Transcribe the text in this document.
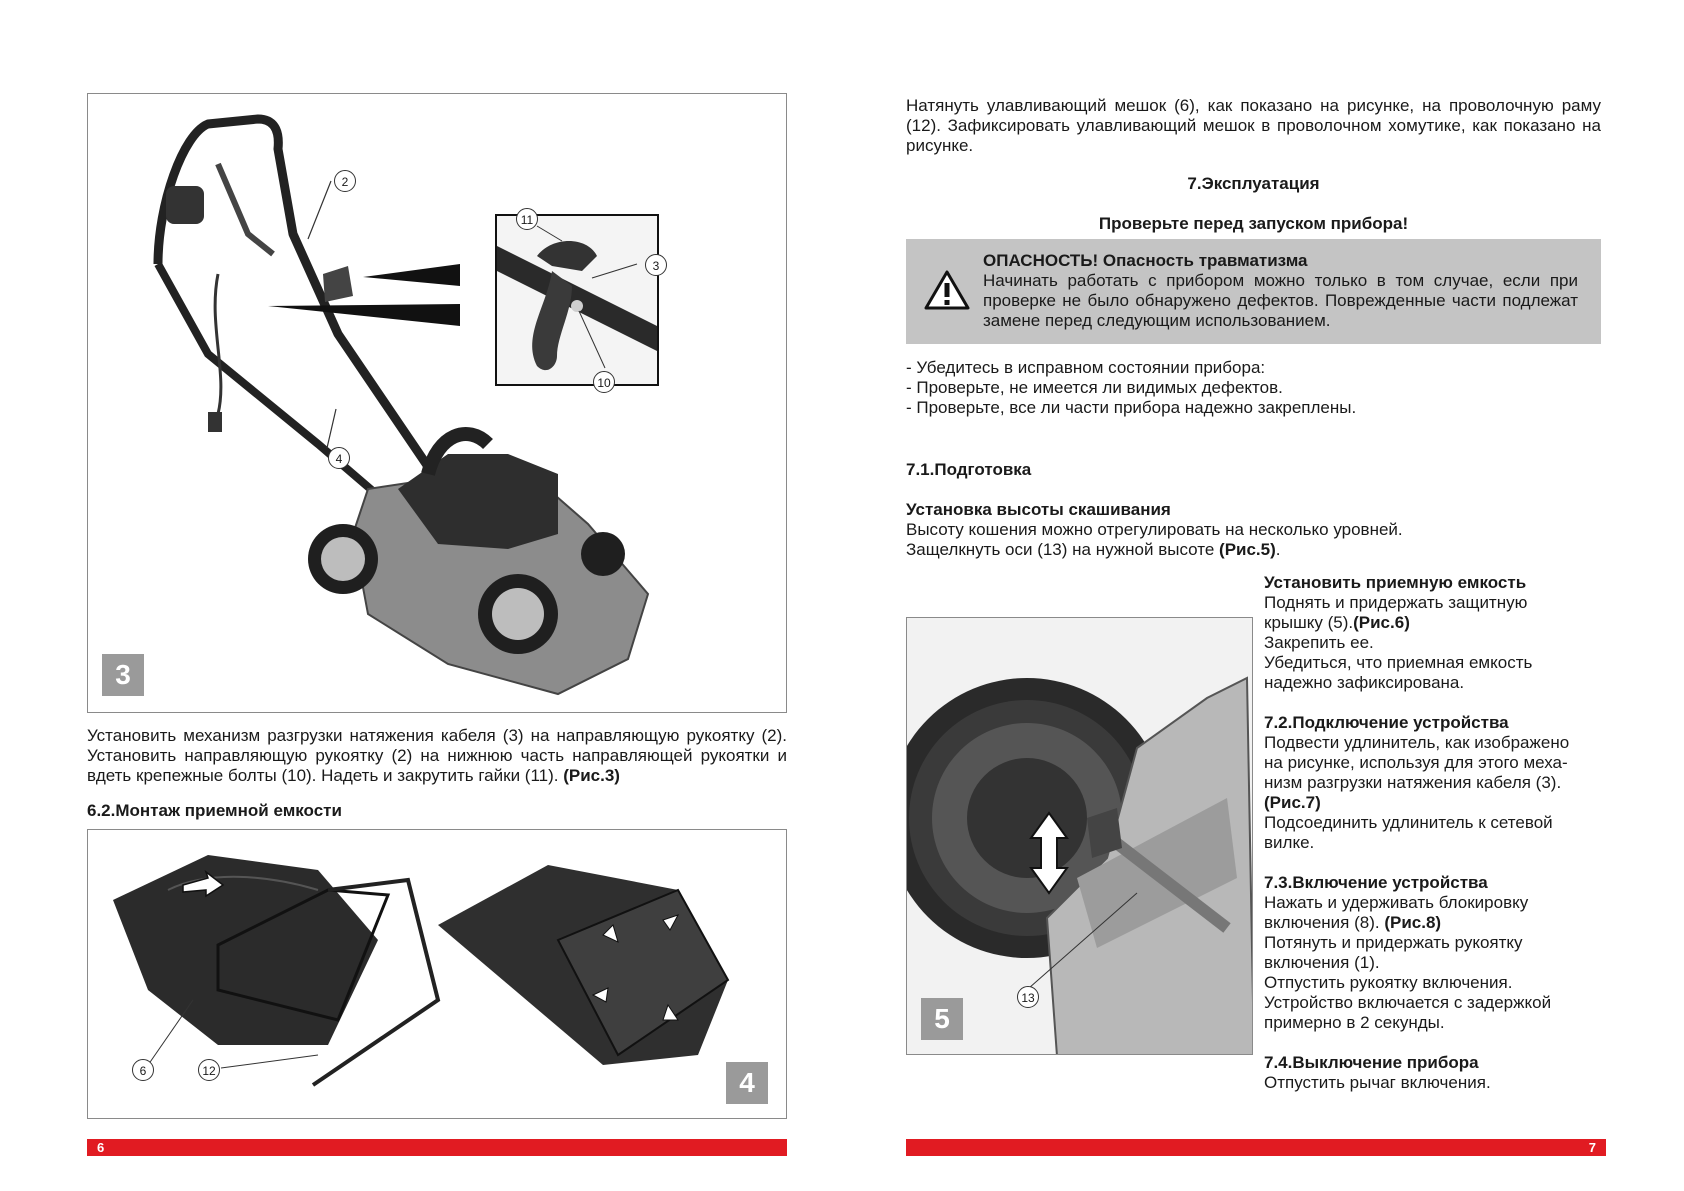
2
11
3
10
4
3
Установить механизм разгрузки натяжения кабеля (3) на направляющую рукоятку (2). Установить направляющую рукоятку (2) на нижнюю часть направляющей рукоятки и вдеть крепежные болты (10). Надеть и закрутить гайки (11). (Рис.3)
6.2.Монтаж приемной емкости
6	12	4
6
Натянуть улавливающий мешок (6), как показано на рисунке, на проволочную раму (12). Зафиксировать улавливающий мешок в проволочном хомутике, как показано на рисунке.
7.Эксплуатация
Проверьте перед запуском прибора!
ОПАСНОСТЬ! Опасность травматизма
Начинать работать с прибором можно только в том случае, если при проверке не было обнаружено дефектов. Поврежденные части подлежат замене перед следующим использованием.
- Убедитесь в исправном состоянии прибора:
- Проверьте, не имеется ли видимых дефектов.
- Проверьте, все ли части прибора надежно закреплены.
7.1.Подготовка
Установка высоты скашивания
Высоту кошения можно отрегулировать на несколько уровней.
Защелкнуть оси (13) на нужной высоте (Рис.5).
13
5
Установить приемную емкость
Поднять и придержать защитную
крышку (5).(Рис.6)
Закрепить ее.
Убедиться, что приемная емкость
надежно зафиксирована.
7.2.Подключение устройства
Подвести удлинитель, как изображено
на рисунке, используя для этого меха-
низм разгрузки натяжения кабеля (3).
(Рис.7)
Подсоединить удлинитель к сетевой
вилке.
7.3.Включение устройства
Нажать и удерживать блокировку
включения (8). (Рис.8)
Потянуть и придержать рукоятку
включения (1).
Отпустить рукоятку включения.
Устройство включается с задержкой
примерно в 2 секунды.
7.4.Выключение прибора
Отпустить рычаг включения.
7
